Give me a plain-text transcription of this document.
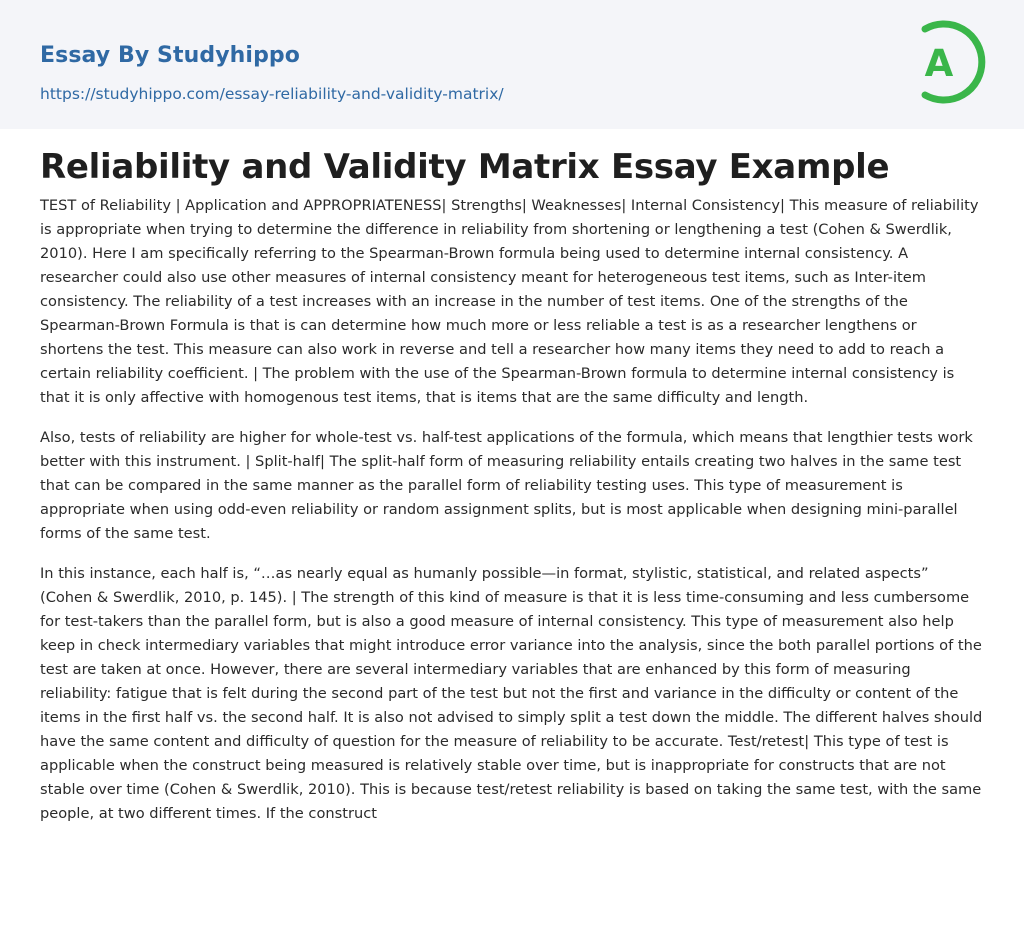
Essay By Studyhippo
https://studyhippo.com/essay-reliability-and-validity-matrix/
A
Reliability and Validity Matrix Essay Example

TEST of Reliability | Application and APPROPRIATENESS| Strengths| Weaknesses| Internal Consistency| This measure of reliability is appropriate when trying to determine the difference in reliability from shortening or lengthening a test (Cohen & Swerdlik, 2010). Here I am specifically referring to the Spearman-Brown formula being used to determine internal consistency. A researcher could also use other measures of internal consistency meant for heterogeneous test items, such as Inter-item consistency. The reliability of a test increases with an increase in the number of test items. One of the strengths of the Spearman-Brown Formula is that is can determine how much more or less reliable a test is as a researcher lengthens or shortens the test. This measure can also work in reverse and tell a researcher how many items they need to add to reach a certain reliability coefficient. | The problem with the use of the Spearman-Brown formula to determine internal consistency is that it is only affective with homogenous test items, that is items that are the same difficulty and length.

Also, tests of reliability are higher for whole-test vs. half-test applications of the formula, which means that lengthier tests work better with this instrument. | Split-half| The split-half form of measuring reliability entails creating two halves in the same test that can be compared in the same manner as the parallel form of reliability testing uses. This type of measurement is appropriate when using odd-even reliability or random assignment splits, but is most applicable when designing mini-parallel forms of the same test.

In this instance, each half is, “…as nearly equal as humanly possible—in format, stylistic, statistical, and related aspects” (Cohen & Swerdlik, 2010, p. 145). | The strength of this kind of measure is that it is less time-consuming and less cumbersome for test-takers than the parallel form, but is also a good measure of internal consistency. This type of measurement also help keep in check intermediary variables that might introduce error variance into the analysis, since the both parallel portions of the test are taken at once. However, there are several intermediary variables that are enhanced by this form of measuring reliability: fatigue that is felt during the second part of the test but not the first and variance in the difficulty or content of the items in the first half vs. the second half. It is also not advised to simply split a test down the middle. The different halves should have the same content and difficulty of question for the measure of reliability to be accurate. Test/retest| This type of test is applicable when the construct being measured is relatively stable over time, but is inappropriate for constructs that are not stable over time (Cohen & Swerdlik, 2010). This is because test/retest reliability is based on taking the same test, with the same people, at two different times. If the construct
